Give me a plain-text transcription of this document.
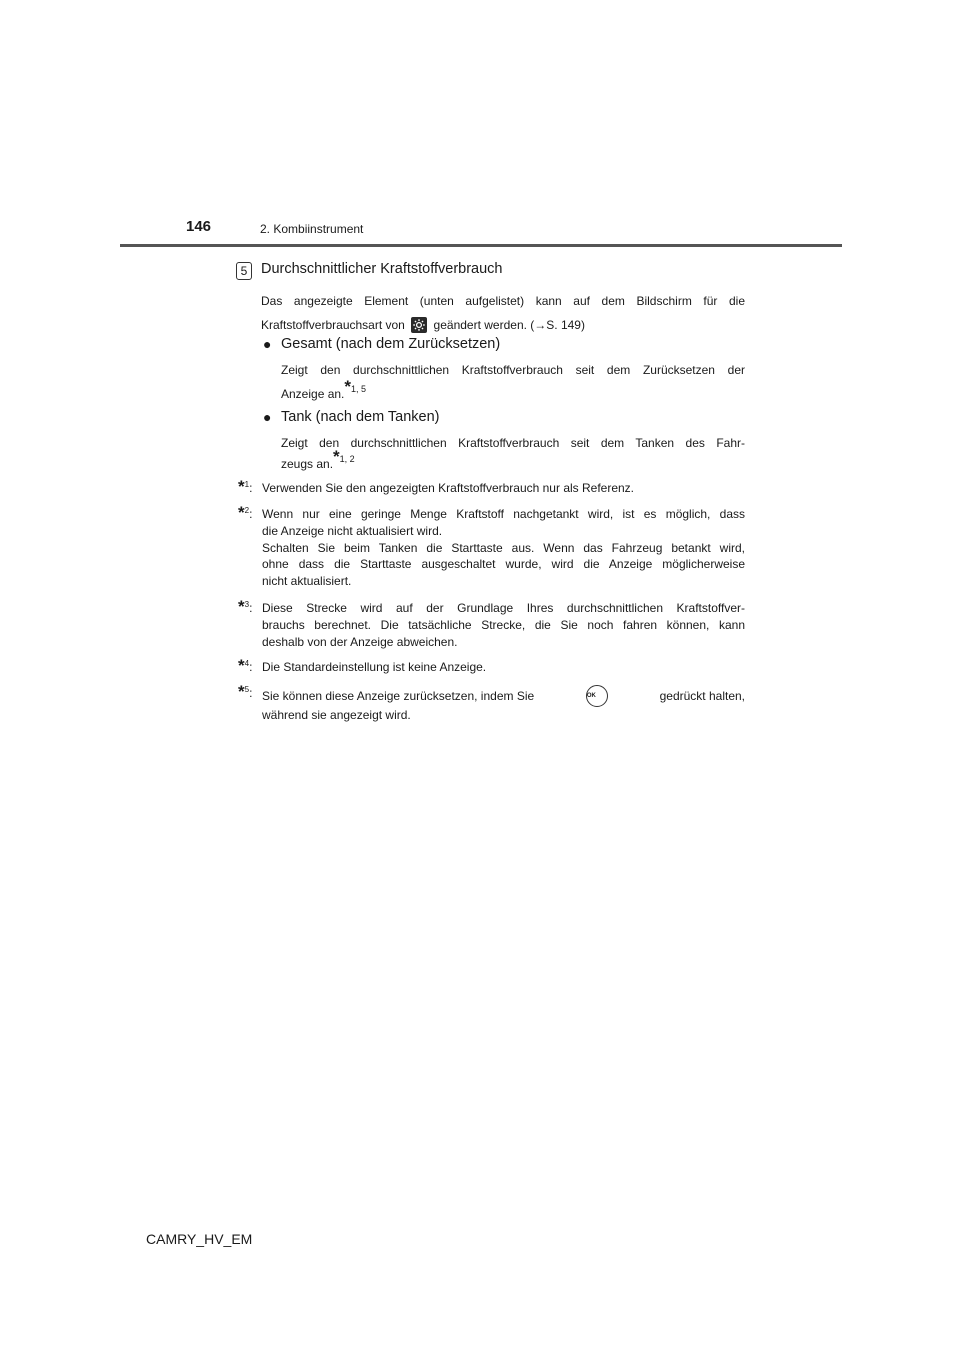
146	2. Kombiinstrument
5 Durchschnittlicher Kraftstoffverbrauch
Das angezeigte Element (unten aufgelistet) kann auf dem Bildschirm für die
Kraftstoffverbrauchsart von geändert werden. (→S. 149)
● Gesamt (nach dem Zurücksetzen)
Zeigt den durchschnittlichen Kraftstoffverbrauch seit dem Zurücksetzen der
Anzeige an.$^{*1, 5}$
● Tank (nach dem Tanken)
Zeigt den durchschnittlichen Kraftstoffverbrauch seit dem Tanken des Fahr-
zeugs an.$^{*1, 2}$
*$^1$: Verwenden Sie den angezeigten Kraftstoffverbrauch nur als Referenz.
*$^2$: Wenn nur eine geringe Menge Kraftstoff nachgetankt wird, ist es möglich, dass
die Anzeige nicht aktualisiert wird.
Schalten Sie beim Tanken die Starttaste aus. Wenn das Fahrzeug betankt wird,
ohne dass die Starttaste ausgeschaltet wurde, wird die Anzeige möglicherweise
nicht aktualisiert.
*$^3$: Diese Strecke wird auf der Grundlage Ihres durchschnittlichen Kraftstoffver-
brauchs berechnet. Die tatsächliche Strecke, die Sie noch fahren können, kann
deshalb von der Anzeige abweichen.
*$^4$: Die Standardeinstellung ist keine Anzeige.
*$^5$: Sie können diese Anzeige zurücksetzen, indem Sie	OK	gedrückt halten,
während sie angezeigt wird.
CAMRY_HV_EM
